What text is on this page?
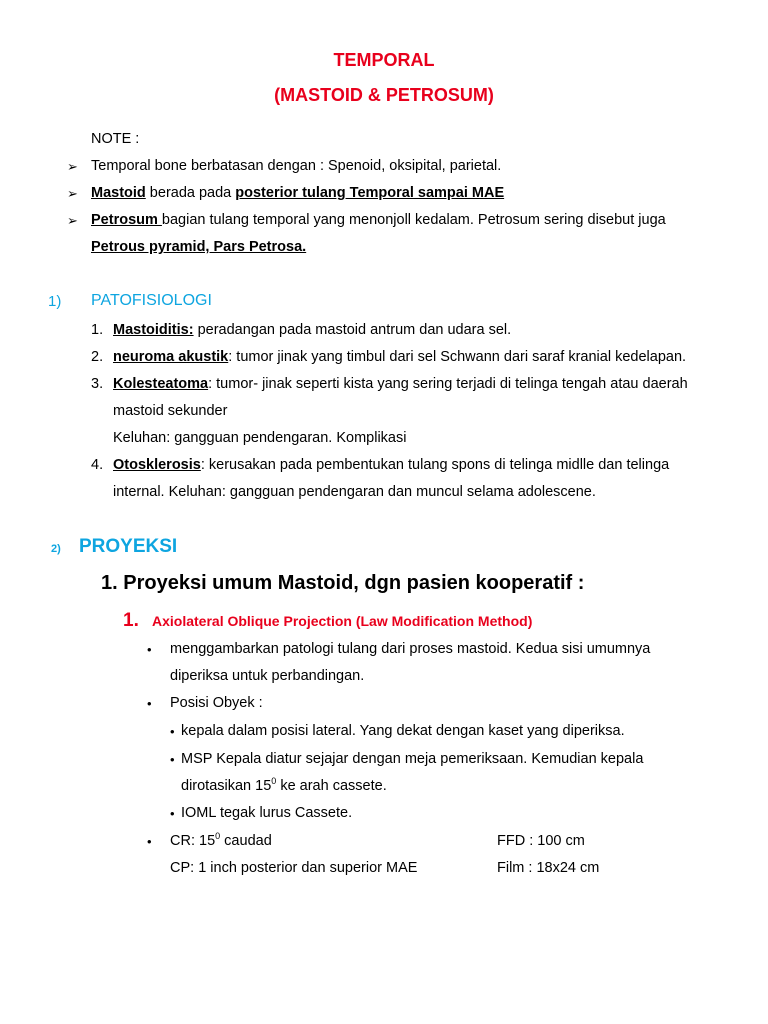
TEMPORAL
(MASTOID & PETROSUM)
NOTE :
➢ Temporal bone berbatasan dengan : Spenoid, oksipital, parietal.
➢ Mastoid berada pada posterior tulang Temporal sampai MAE
➢ Petrosum bagian tulang temporal yang menonjoll kedalam. Petrosum sering disebut juga
Petrous pyramid, Pars Petrosa.
1) PATOFISIOLOGI
1. Mastoiditis: peradangan pada mastoid antrum dan udara sel.
2. neuroma akustik: tumor jinak yang timbul dari sel Schwann dari saraf kranial kedelapan.
3. Kolesteatoma: tumor- jinak seperti kista yang sering terjadi di telinga tengah atau daerah
mastoid sekunder
Keluhan: gangguan pendengaran. Komplikasi
4. Otosklerosis: kerusakan pada pembentukan tulang spons di telinga midlle dan telinga
internal. Keluhan: gangguan pendengaran dan muncul selama adolescene.
2) PROYEKSI
1. Proyeksi umum Mastoid, dgn pasien kooperatif :
1. Axiolateral Oblique Projection (Law Modification Method)
• menggambarkan patologi tulang dari proses mastoid. Kedua sisi umumnya
diperiksa untuk perbandingan.
• Posisi Obyek :
• kepala dalam posisi lateral. Yang dekat dengan kaset yang diperiksa.
• MSP Kepala diatur sejajar dengan meja pemeriksaan. Kemudian kepala
dirotasikan $15^0$ ke arah cassete.
• IOML tegak lurus Cassete.
• CR: $15^0$ caudad	FFD : 100 cm
CP: 1 inch posterior dan superior MAE	Film : 18x24 cm
